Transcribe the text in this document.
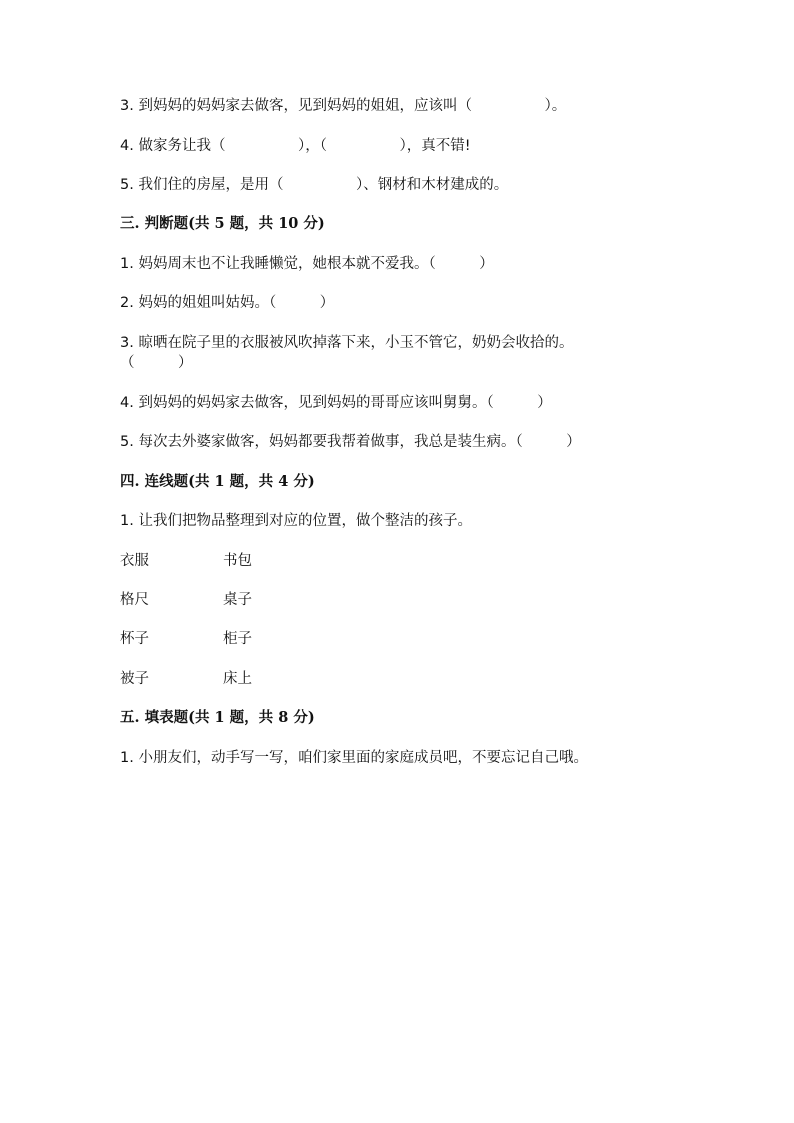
3. 到妈妈的妈妈家去做客，见到妈妈的姐姐，应该叫（　　　　　）。
4. 做家务让我（　　　　　），（　　　　　），真不错!
5. 我们住的房屋，是用（　　　　　）、钢材和木材建成的。
三. 判断题(共 5 题，共 10 分)
1. 妈妈周末也不让我睡懒觉，她根本就不爱我。（　　　）
2. 妈妈的姐姐叫姑妈。（　　　）
3. 晾晒在院子里的衣服被风吹掉落下来，小玉不管它，奶奶会收拾的。（　　　）
4. 到妈妈的妈妈家去做客，见到妈妈的哥哥应该叫舅舅。（　　　）
5. 每次去外婆家做客，妈妈都要我帮着做事，我总是装生病。（　　　）
四. 连线题(共 1 题，共 4 分)
1. 让我们把物品整理到对应的位置，做个整洁的孩子。
衣服	书包
格尺	桌子
杯子	柜子
被子	床上
五. 填表题(共 1 题，共 8 分)
1. 小朋友们，动手写一写，咱们家里面的家庭成员吧，不要忘记自己哦。
